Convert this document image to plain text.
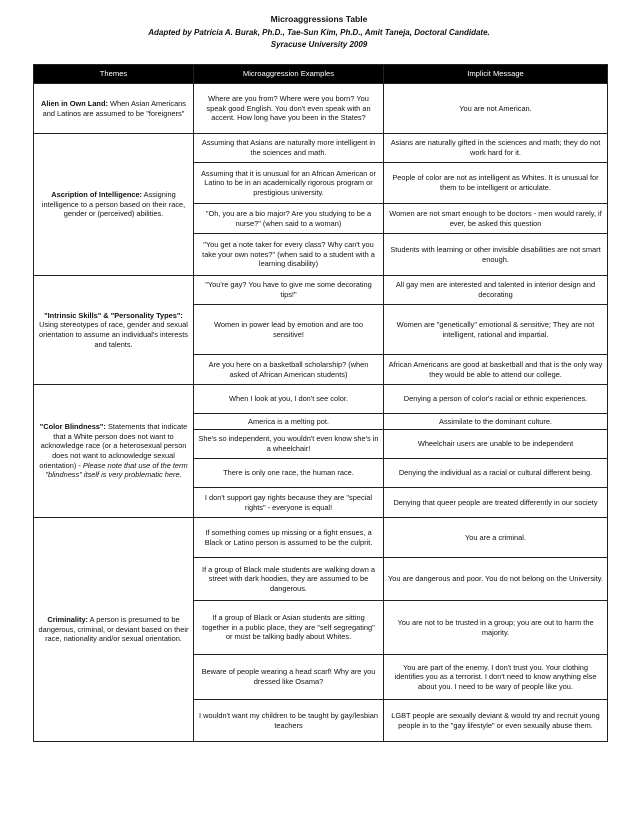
Microaggressions Table
Adapted by Patricia A. Burak, Ph.D., Tae-Sun Kim, Ph.D., Amit Taneja, Doctoral Candidate.
Syracuse University 2009
Themes	Microaggression Examples	Implicit Message
Alien in Own Land: When Asian Americans and Latinos are assumed to be "foreigners"	Where are you from? Where were you born? You speak good English. You don't even speak with an accent. How long have you been in the States?	You are not American.
Ascription of Intelligence: Assigning intelligence to a person based on their race, gender or (perceived) abilities.	Assuming that Asians are naturally more intelligent in the sciences and math.	Asians are naturally gifted in the sciences and math; they do not work hard for it.
	Assuming that it is unusual for an African American or Latino to be in an academically rigorous program or prestigious university.	People of color are not as intelligent as Whites. It is unusual for them to be intelligent or articulate.
	"Oh, you are a bio major? Are you studying to be a nurse?" (when said to a woman)	Women are not smart enough to be doctors - men would rarely, if ever, be asked this question
	"You get a note taker for every class? Why can't you take your own notes?" (when said to a student with a learning disability)	Students with learning or other invisible disabilities are not smart enough.
"Intrinsic Skills" & "Personality Types": Using stereotypes of race, gender and sexual orientation to assume an individual's interests and talents.	"You're gay? You have to give me some decorating tips!"	All gay men are interested and talented in interior design and decorating
	Women in power lead by emotion and are too sensitive!	Women are "genetically" emotional & sensitive; They are not intelligent, rational and impartial.
	Are you here on a basketball scholarship? (when asked of African American students)	African Americans are good at basketball and that is the only way they would be able to attend our college.
"Color Blindness": Statements that indicate that a White person does not want to acknowledge race (or a heterosexual person does not want to acknowledge sexual orientation) - Please note that use of the term "blindness" itself is very problematic here.	When I look at you, I don't see color.	Denying a person of color's racial or ethnic experiences.
	America is a melting pot.	Assimilate to the dominant culture.
	She's so independent, you wouldn't even know she's in a wheelchair!	Wheelchair users are unable to be independent
	There is only one race, the human race.	Denying the individual as a racial or cultural different being.
	I don't support gay rights because they are "special rights" - everyone is equal!	Denying that queer people are treated differently in our society
Criminality: A person is presumed to be dangerous, criminal, or deviant based on their race, nationality and/or sexual orientation.	If something comes up missing or a fight ensues, a Black or Latino person is assumed to be the culprit.	You are a criminal.
	If a group of Black male students are walking down a street with dark hoodies, they are assumed to be dangerous.	You are dangerous and poor. You do not belong on the University.
	If a group of Black or Asian students are sitting together in a public place, they are "self segregating" or must be talking badly about Whites.	You are not to be trusted in a group; you are out to harm the majority.
	Beware of people wearing a head scarf! Why are you dressed like Osama?	You are part of the enemy. I don't trust you. Your clothing identifies you as a terrorist. I don't need to know anything else about you. I need to be wary of people like you.
	I wouldn't want my children to be taught by gay/lesbian teachers	LGBT people are sexually deviant & would try and recruit young people in to the "gay lifestyle" or even sexually abuse them.
